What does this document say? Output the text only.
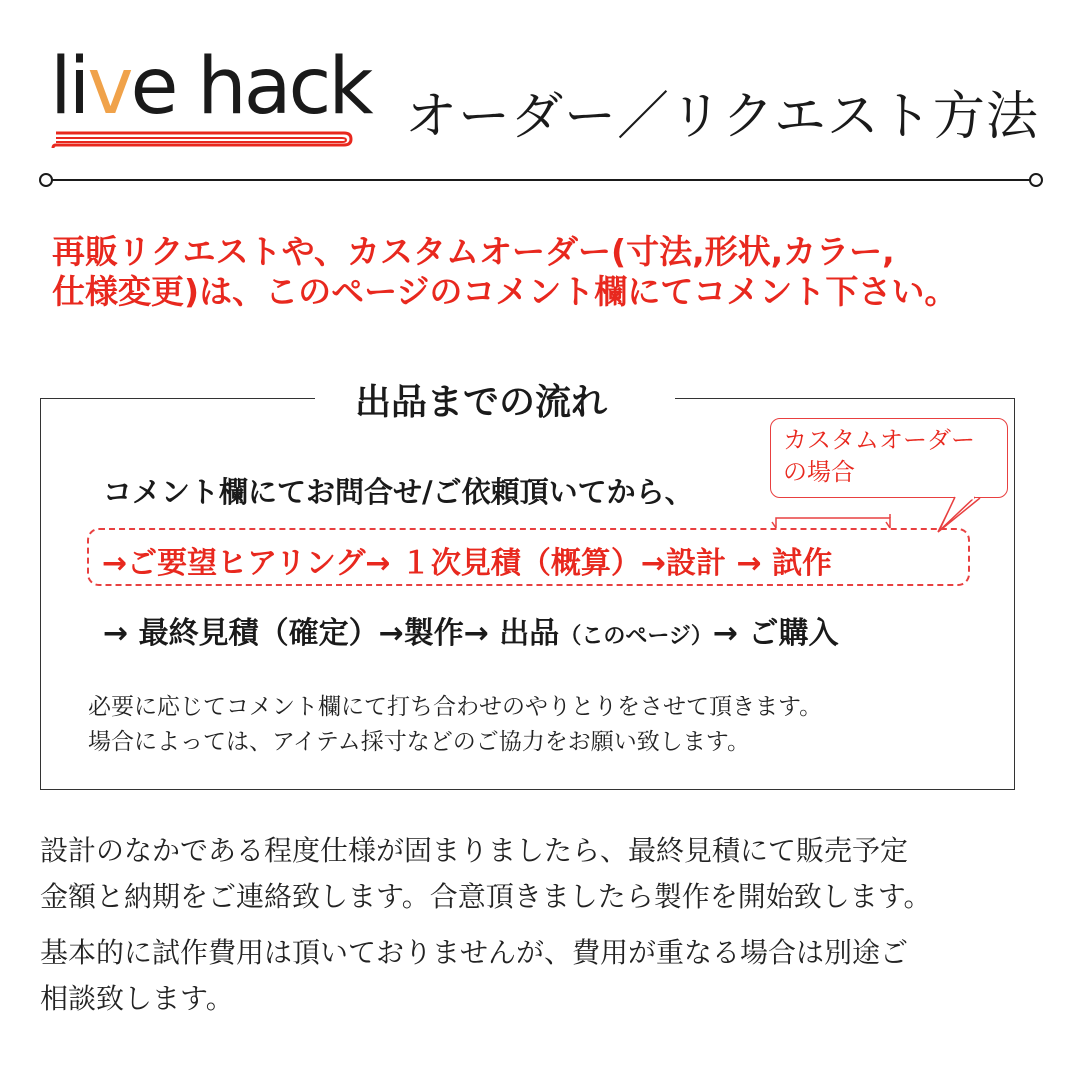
live hack オーダー／リクエスト方法
再販リクエストや、カスタムオーダー(寸法,形状,カラー,
仕様変更)は、このページのコメント欄にてコメント下さい。
出品までの流れ
カスタムオーダー
の場合
コメント欄にてお問合せ/ご依頼頂いてから、
→ご要望ヒアリング→ １次見積（概算）→設計 → 試作
→ 最終見積（確定）→製作→ 出品（このページ）→ ご購入
必要に応じてコメント欄にて打ち合わせのやりとりをさせて頂きます。
場合によっては、アイテム採寸などのご協力をお願い致します。
設計のなかである程度仕様が固まりましたら、最終見積にて販売予定
金額と納期をご連絡致します。合意頂きましたら製作を開始致します。
基本的に試作費用は頂いておりませんが、費用が重なる場合は別途ご
相談致します。
